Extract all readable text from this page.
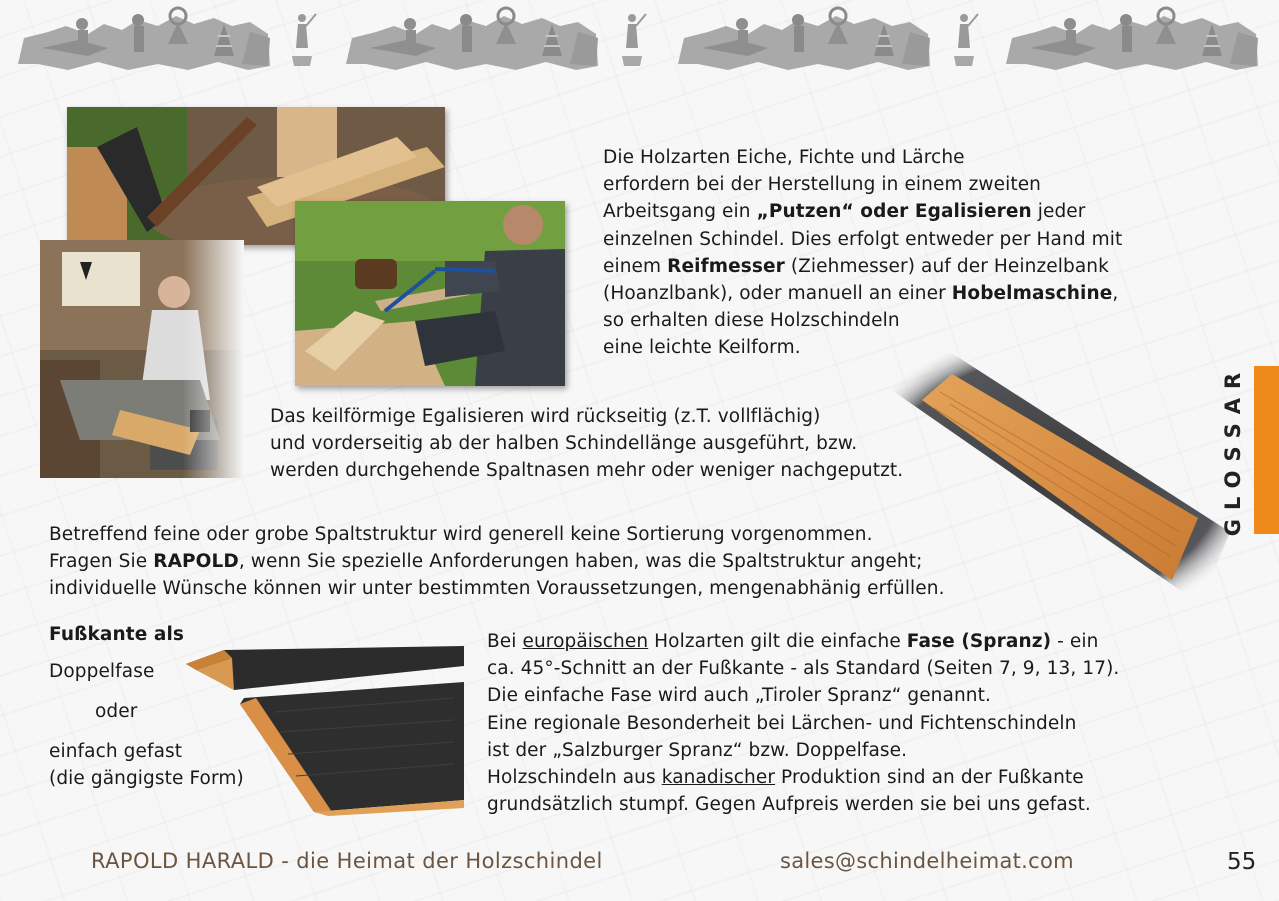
Die Holzarten Eiche, Fichte und Lärche
erfordern bei der Herstellung in einem zweiten
Arbeitsgang ein „Putzen“ oder Egalisieren jeder
einzelnen Schindel. Dies erfolgt entweder per Hand mit
einem Reifmesser (Ziehmesser) auf der Heinzelbank
(Hoanzlbank), oder manuell an einer Hobelmaschine,
so erhalten diese Holzschindeln
eine leichte Keilform.
Das keilförmige Egalisieren wird rückseitig (z.T. vollflächig)
und vorderseitig ab der halben Schindellänge ausgeführt, bzw.
werden durchgehende Spaltnasen mehr oder weniger nachgeputzt.
Betreffend feine oder grobe Spaltstruktur wird generell keine Sortierung vorgenommen.
Fragen Sie RAPOLD, wenn Sie spezielle Anforderungen haben, was die Spaltstruktur angeht;
individuelle Wünsche können wir unter bestimmten Voraussetzungen, mengenabhänig erfüllen.
Fußkante als
Doppelfase
oder
einfach gefast
(die gängigste Form)
Bei europäischen Holzarten gilt die einfache Fase (Spranz) - ein
ca. 45°-Schnitt an der Fußkante - als Standard (Seiten 7, 9, 13, 17).
Die einfache Fase wird auch „Tiroler Spranz“ genannt.
Eine regionale Besonderheit bei Lärchen- und Fichtenschindeln
ist der „Salzburger Spranz“ bzw. Doppelfase.
Holzschindeln aus kanadischer Produktion sind an der Fußkante
grundsätzlich stumpf. Gegen Aufpreis werden sie bei uns gefast.
GLOSSAR
RAPOLD HARALD - die Heimat der Holzschindel	sales@schindelheimat.com	55
